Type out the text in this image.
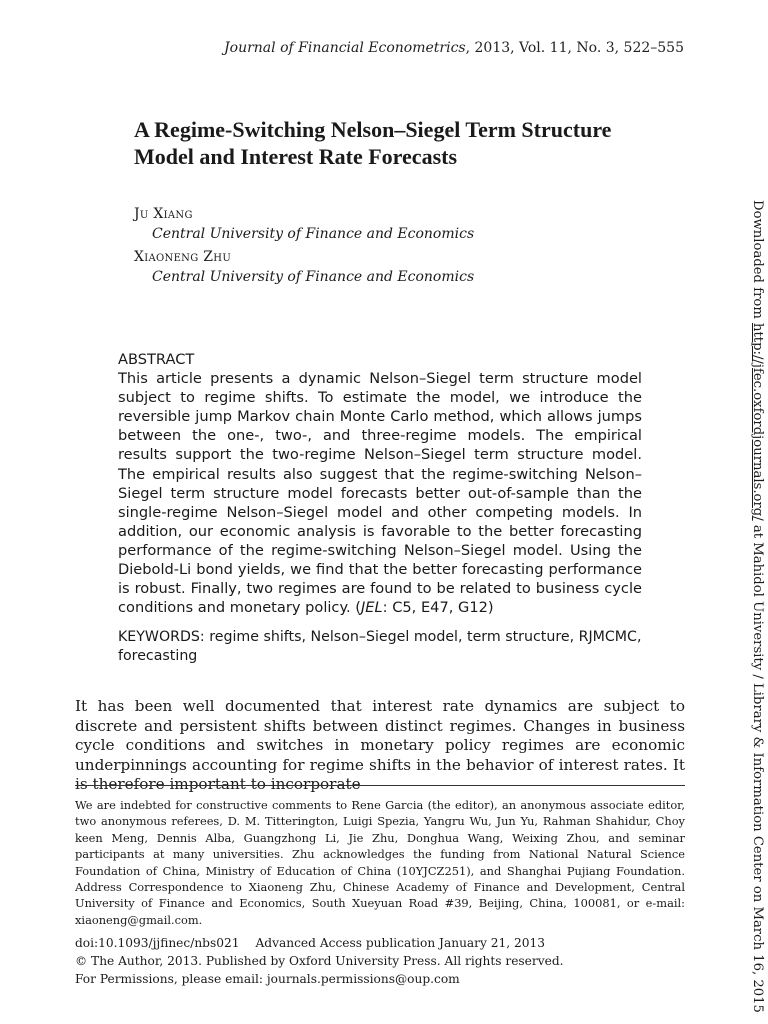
Journal of Financial Econometrics, 2013, Vol. 11, No. 3, 522–555
A Regime-Switching Nelson–Siegel Term Structure Model and Interest Rate Forecasts
Ju Xiang
Central University of Finance and Economics
Xiaoneng Zhu
Central University of Finance and Economics
ABSTRACT
This article presents a dynamic Nelson–Siegel term structure model subject to regime shifts. To estimate the model, we introduce the reversible jump Markov chain Monte Carlo method, which allows jumps between the one-, two-, and three-regime models. The empirical results support the two-regime Nelson–Siegel term structure model. The empirical results also suggest that the regime-switching Nelson–Siegel term structure model forecasts better out-of-sample than the single-regime Nelson–Siegel model and other competing models. In addition, our economic analysis is favorable to the better forecasting performance of the regime-switching Nelson–Siegel model. Using the Diebold-Li bond yields, we find that the better forecasting performance is robust. Finally, two regimes are found to be related to business cycle conditions and monetary policy. (JEL: C5, E47, G12)
KEYWORDS: regime shifts, Nelson–Siegel model, term structure, RJMCMC, forecasting
It has been well documented that interest rate dynamics are subject to discrete and persistent shifts between distinct regimes. Changes in business cycle conditions and switches in monetary policy regimes are economic underpinnings accounting for regime shifts in the behavior of interest rates. It is therefore important to incorporate
We are indebted for constructive comments to Rene Garcia (the editor), an anonymous associate editor, two anonymous referees, D. M. Titterington, Luigi Spezia, Yangru Wu, Jun Yu, Rahman Shahidur, Choy keen Meng, Dennis Alba, Guangzhong Li, Jie Zhu, Donghua Wang, Weixing Zhou, and seminar participants at many universities. Zhu acknowledges the funding from National Natural Science Foundation of China, Ministry of Education of China (10YJCZ251), and Shanghai Pujiang Foundation. Address Correspondence to Xiaoneng Zhu, Chinese Academy of Finance and Development, Central University of Finance and Economics, South Xueyuan Road #39, Beijing, China, 100081, or e-mail: xiaoneng@gmail.com.
doi:10.1093/jjfinec/nbs021 Advanced Access publication January 21, 2013
© The Author, 2013. Published by Oxford University Press. All rights reserved.
For Permissions, please email: journals.permissions@oup.com
Downloaded from http://jfec.oxfordjournals.org/ at Mahidol University / Library & Information Center on March 16, 2015
